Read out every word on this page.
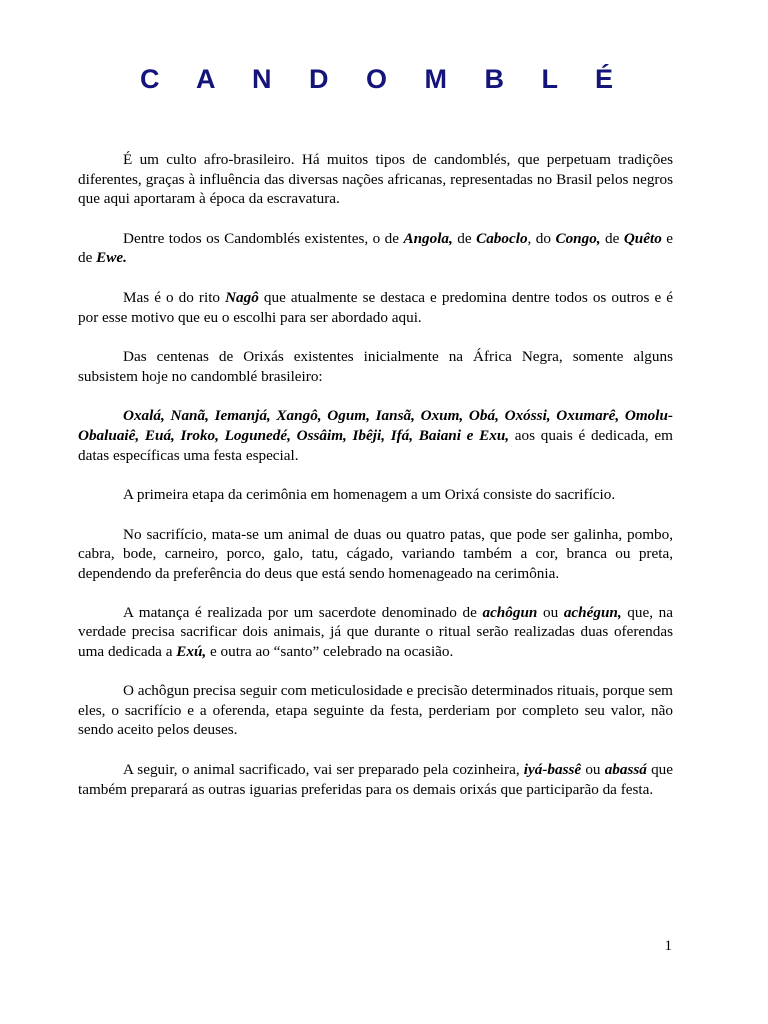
C A N D O M B L É

É um culto afro-brasileiro. Há muitos tipos de candomblés, que perpetuam tradições diferentes, graças à influência das diversas nações africanas, representadas no Brasil pelos negros que aqui aportaram à época da escravatura.

Dentre todos os Candomblés existentes, o de Angola, de Caboclo, do Congo, de Quêto e de Ewe.

Mas é o do rito Nagô que atualmente se destaca e predomina dentre todos os outros e é por esse motivo que eu o escolhi para ser abordado aqui.

Das centenas de Orixás existentes inicialmente na África Negra, somente alguns subsistem hoje no candomblé brasileiro:

Oxalá, Nanã, Iemanjá, Xangô, Ogum, Iansã, Oxum, Obá, Oxóssi, Oxumarê, Omolu-Obaluaiê, Euá, Iroko, Logunedé, Ossâim, Ibêji, Ifá, Baiani e Exu, aos quais é dedicada, em datas específicas uma festa especial.

A primeira etapa da cerimônia em homenagem a um Orixá consiste do sacrifício.

No sacrifício, mata-se um animal de duas ou quatro patas, que pode ser galinha, pombo, cabra, bode, carneiro, porco, galo, tatu, cágado, variando também a cor, branca ou preta, dependendo da preferência do deus que está sendo homenageado na cerimônia.

A matança é realizada por um sacerdote denominado de achôgun ou achégun, que, na verdade precisa sacrificar dois animais, já que durante o ritual serão realizadas duas oferendas uma dedicada a Exú, e outra ao “santo” celebrado na ocasião.

O achôgun precisa seguir com meticulosidade e precisão determinados rituais, porque sem eles, o sacrifício e a oferenda, etapa seguinte da festa, perderiam por completo seu valor, não sendo aceito pelos deuses.

A seguir, o animal sacrificado, vai ser preparado pela cozinheira, iyá-bassê ou abassá que também preparará as outras iguarias preferidas para os demais orixás que participarão da festa.

1
